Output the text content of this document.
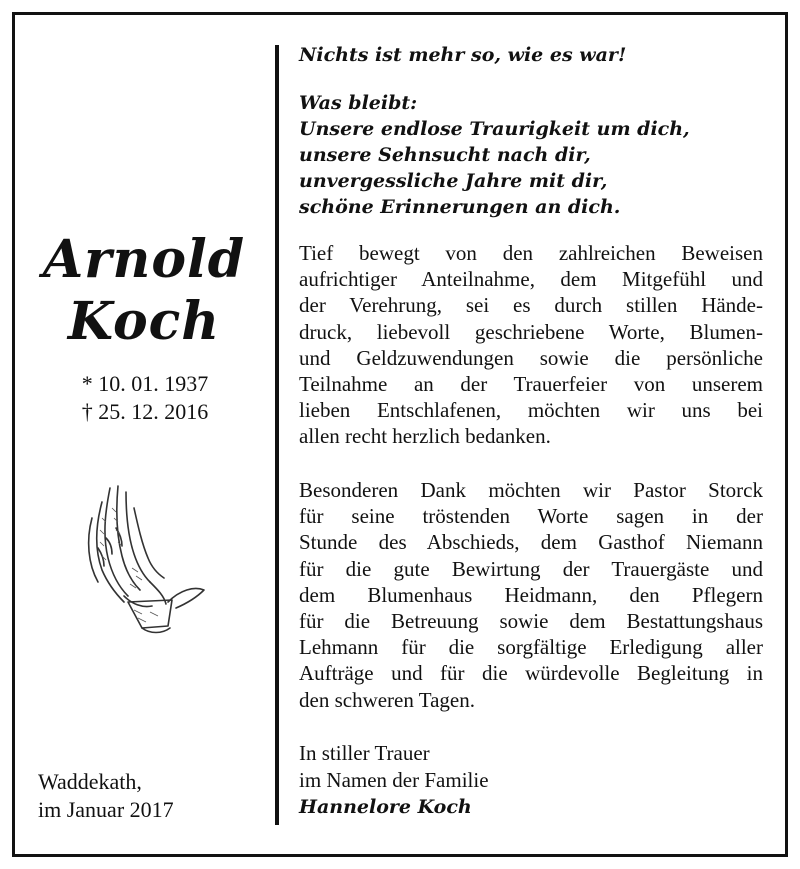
Arnold
Koch
* 10. 01. 1937
† 25. 12. 2016
Waddekath,
im Januar 2017
Nichts ist mehr so, wie es war!
Was bleibt:
Unsere endlose Traurigkeit um dich,
unsere Sehnsucht nach dir,
unvergessliche Jahre mit dir,
schöne Erinnerungen an dich.
Tief bewegt von den zahlreichen Beweisen
aufrichtiger Anteilnahme, dem Mitgefühl und
der Verehrung, sei es durch stillen Hände-
druck, liebevoll geschriebene Worte, Blumen-
und Geldzuwendungen sowie die persönliche
Teilnahme an der Trauerfeier von unserem
lieben Entschlafenen, möchten wir uns bei
allen recht herzlich bedanken.
Besonderen Dank möchten wir Pastor Storck
für seine tröstenden Worte sagen in der
Stunde des Abschieds, dem Gasthof Niemann
für die gute Bewirtung der Trauergäste und
dem Blumenhaus Heidmann, den Pflegern
für die Betreuung sowie dem Bestattungshaus
Lehmann für die sorgfältige Erledigung aller
Aufträge und für die würdevolle Begleitung in
den schweren Tagen.
In stiller Trauer
im Namen der Familie
Hannelore Koch
